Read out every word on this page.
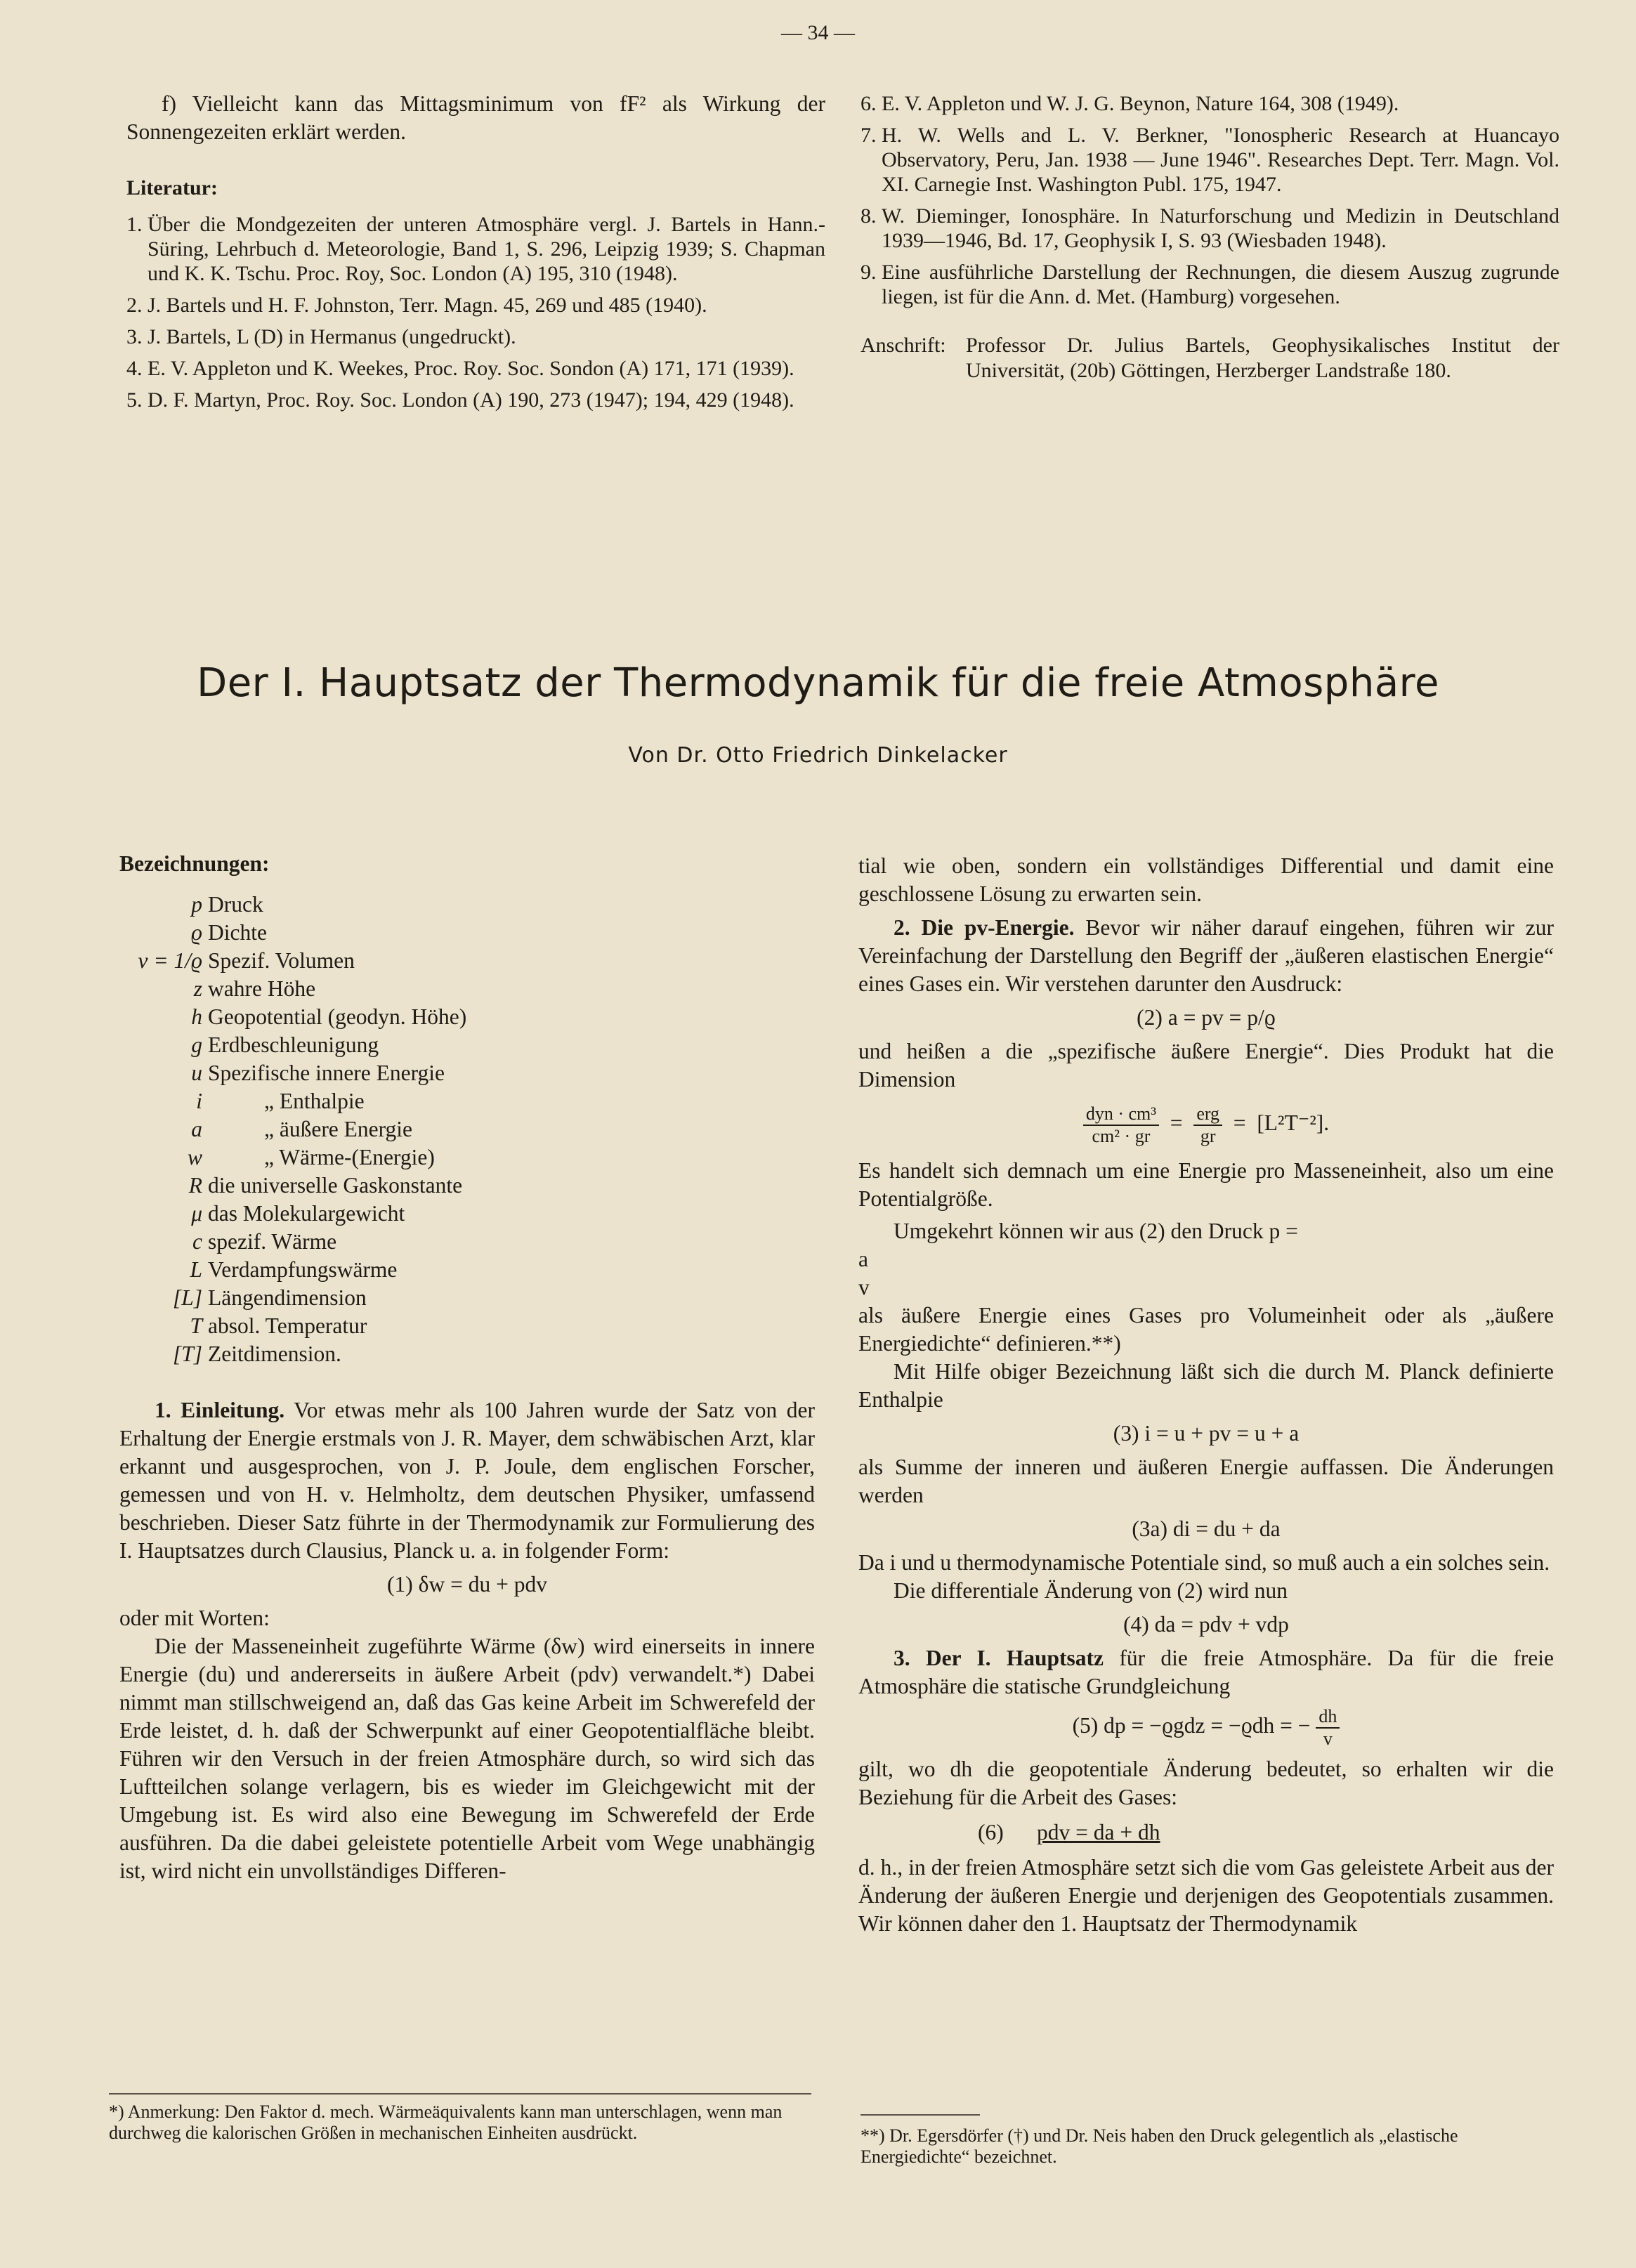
— 34 —

f) Vielleicht kann das Mittagsminimum von fF² als Wirkung der Sonnengezeiten erklärt werden.

Literatur:
1. Über die Mondgezeiten der unteren Atmosphäre vergl. J. Bartels in Hann.-Süring, Lehrbuch d. Meteorologie, Band 1, S. 296, Leipzig 1939; S. Chapman und K. K. Tschu. Proc. Roy, Soc. London (A) 195, 310 (1948).
2. J. Bartels und H. F. Johnston, Terr. Magn. 45, 269 und 485 (1940).
3. J. Bartels, L (D) in Hermanus (ungedruckt).
4. E. V. Appleton und K. Weekes, Proc. Roy. Soc. Sondon (A) 171, 171 (1939).
5. D. F. Martyn, Proc. Roy. Soc. London (A) 190, 273 (1947); 194, 429 (1948).
6. E. V. Appleton und W. J. G. Beynon, Nature 164, 308 (1949).
7. H. W. Wells and L. V. Berkner, "Ionospheric Research at Huancayo Observatory, Peru, Jan. 1938 — June 1946". Researches Dept. Terr. Magn. Vol. XI. Carnegie Inst. Washington Publ. 175, 1947.
8. W. Dieminger, Ionosphäre. In Naturforschung und Medizin in Deutschland 1939—1946, Bd. 17, Geophysik I, S. 93 (Wiesbaden 1948).
9. Eine ausführliche Darstellung der Rechnungen, die diesem Auszug zugrunde liegen, ist für die Ann. d. Met. (Hamburg) vorgesehen.
Anschrift: Professor Dr. Julius Bartels, Geophysikalisches Institut der Universität, (20b) Göttingen, Herzberger Landstraße 180.
Der I. Hauptsatz der Thermodynamik für die freie Atmosphäre
Von Dr. Otto Friedrich Dinkelacker
Bezeichnungen:
p Druck
ϱ Dichte
v = 1/ϱ Spezif. Volumen
z wahre Höhe
h Geopotential (geodyn. Höhe)
g Erdbeschleunigung
u Spezifische innere Energie
i	„ Enthalpie
a	„ äußere Energie
w	„ Wärme-(Energie)
R die universelle Gaskonstante
μ das Molekulargewicht
c spezif. Wärme
L Verdampfungswärme
[L] Längendimension
T absol. Temperatur
[T] Zeitdimension.

1. Einleitung. Vor etwas mehr als 100 Jahren wurde der Satz von der Erhaltung der Energie erstmals von J. R. Mayer, dem schwäbischen Arzt, klar erkannt und ausgesprochen, von J. P. Joule, dem englischen Forscher, gemessen und von H. v. Helmholtz, dem deutschen Physiker, umfassend beschrieben. Dieser Satz führte in der Thermodynamik zur Formulierung des I. Hauptsatzes durch Clausius, Planck u. a. in folgender Form:

(1) δw = du + pdv

oder mit Worten:

Die der Masseneinheit zugeführte Wärme (δw) wird einerseits in innere Energie (du) und andererseits in äußere Arbeit (pdv) verwandelt.*) Dabei nimmt man stillschweigend an, daß das Gas keine Arbeit im Schwerefeld der Erde leistet, d. h. daß der Schwerpunkt auf einer Geopotentialfläche bleibt. Führen wir den Versuch in der freien Atmosphäre durch, so wird sich das Luftteilchen solange verlagern, bis es wieder im Gleichgewicht mit der Umgebung ist. Es wird also eine Bewegung im Schwerefeld der Erde ausführen. Da die dabei geleistete potentielle Arbeit vom Wege unabhängig ist, wird nicht ein unvollständiges Differen-

*) Anmerkung: Den Faktor d. mech. Wärmeäquivalents kann man unterschlagen, wenn man durchweg die kalorischen Größen in mechanischen Einheiten ausdrückt.

tial wie oben, sondern ein vollständiges Differential und damit eine geschlossene Lösung zu erwarten sein.

2. Die pv-Energie. Bevor wir näher darauf eingehen, führen wir zur Vereinfachung der Darstellung den Begriff der „äußeren elastischen Energie“ eines Gases ein. Wir verstehen darunter den Ausdruck:

(2) a = pv = p/ϱ

und heißen a die „spezifische äußere Energie“. Dies Produkt hat die Dimension

$\frac{\text{dyn · cm³}}{\text{cm² · gr}} = \frac{\text{erg}}{gr} = [L^2T^{-2}]$.

Es handelt sich demnach um eine Energie pro Masseneinheit, also um eine Potentialgröße.

Umgekehrt können wir aus (2) den Druck p =

a
v
als äußere Energie eines Gases pro Volumeinheit oder als „äußere Energiedichte“ definieren.**)

Mit Hilfe obiger Bezeichnung läßt sich die durch M. Planck definierte Enthalpie

(3) i = u + pv = u + a

als Summe der inneren und äußeren Energie auffassen. Die Änderungen werden

(3a) di = du + da

Da i und u thermodynamische Potentiale sind, so muß auch a ein solches sein.

Die differentiale Änderung von (2) wird nun

(4) da = pdv + vdp

3. Der I. Hauptsatz für die freie Atmosphäre. Da für die freie Atmosphäre die statische Grundgleichung

(5) dp = −ϱgdz = −ϱdh = − $\frac{dh}{v}$

gilt, wo dh die geopotentiale Änderung bedeutet, so erhalten wir die Beziehung für die Arbeit des Gases:

(6) pdv = da + dh

d. h., in der freien Atmosphäre setzt sich die vom Gas geleistete Arbeit aus der Änderung der äußeren Energie und derjenigen des Geopotentials zusammen. Wir können daher den 1. Hauptsatz der Thermodynamik

**) Dr. Egersdörfer (†) und Dr. Neis haben den Druck gelegentlich als „elastische Energiedichte“ bezeichnet.
